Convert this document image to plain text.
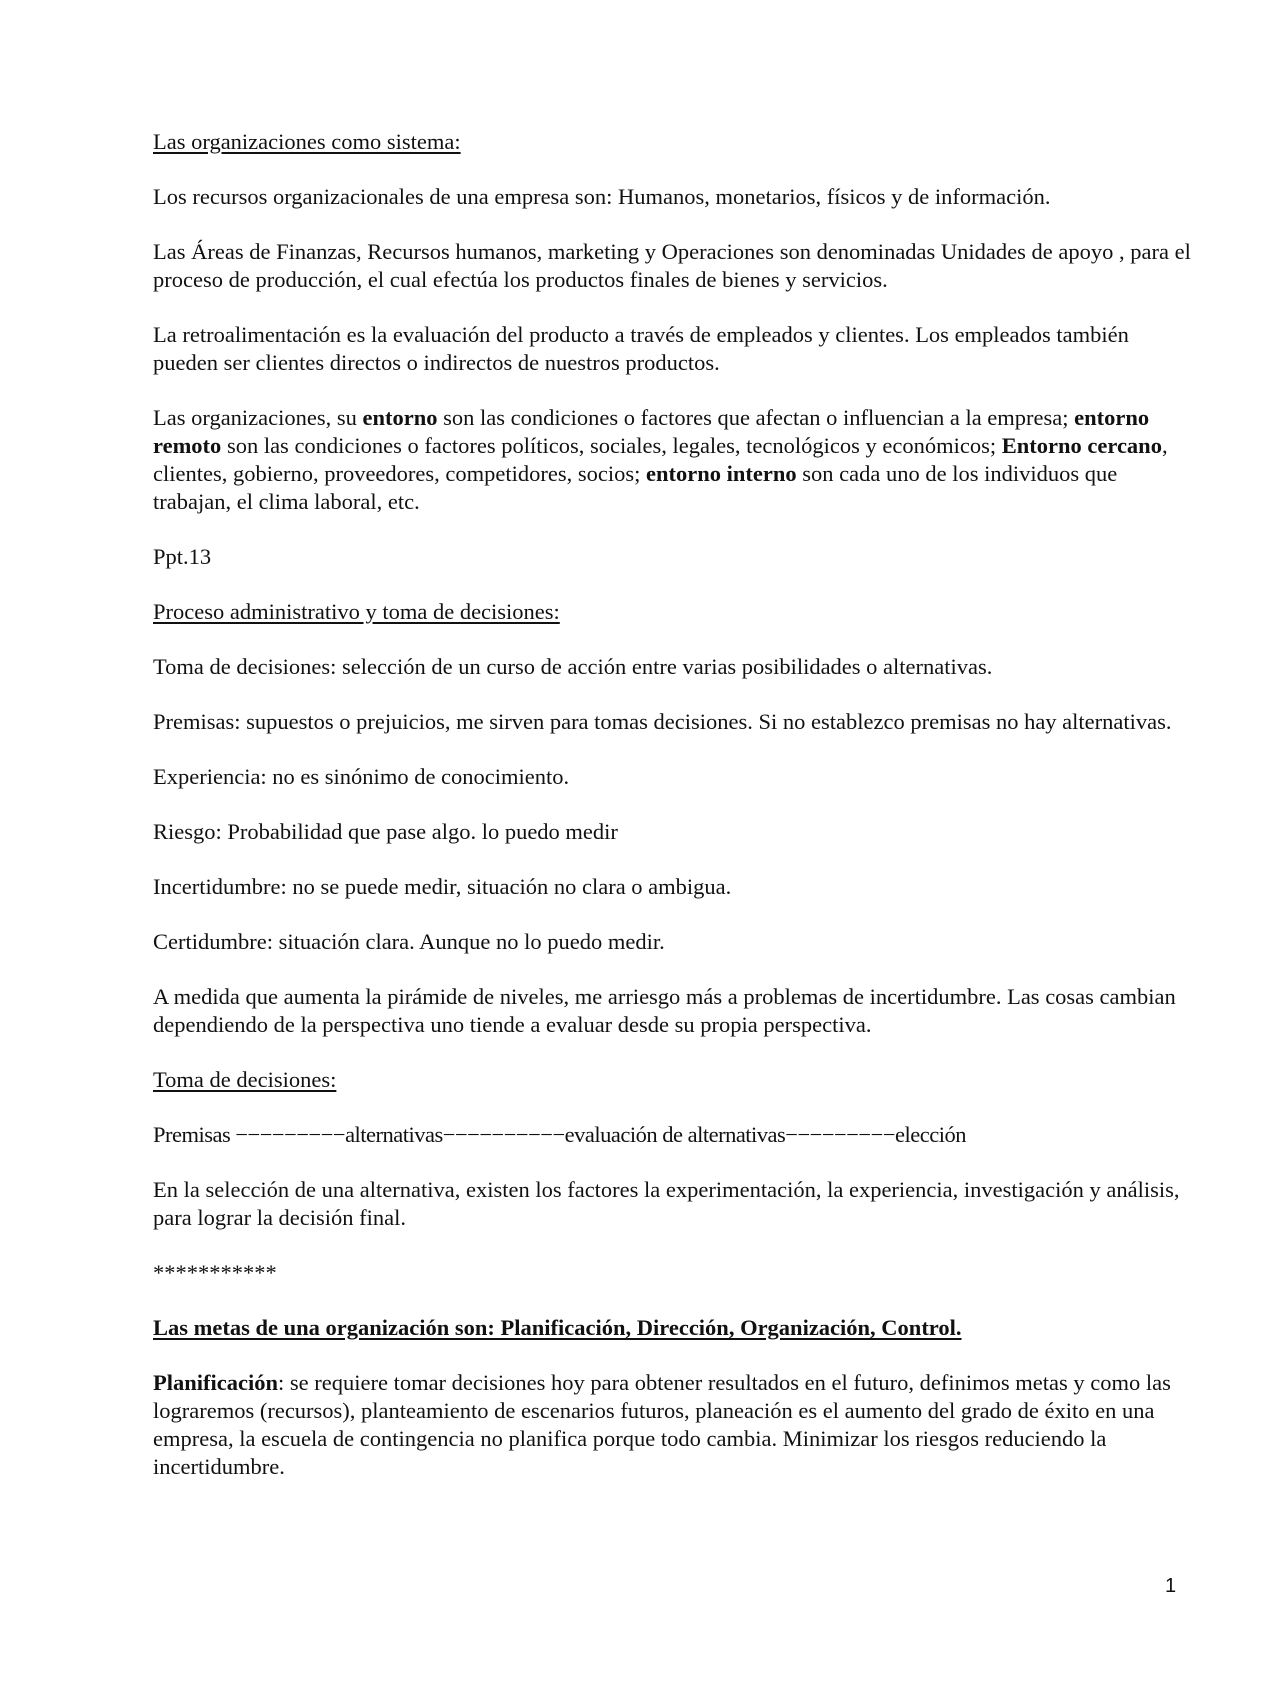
Las organizaciones como sistema:

Los recursos organizacionales de una empresa son: Humanos, monetarios, físicos y de información.

Las Áreas de Finanzas, Recursos humanos, marketing y Operaciones son denominadas Unidades de apoyo , para el proceso de producción, el cual efectúa los productos finales de bienes y servicios.

La retroalimentación es la evaluación del producto a través de empleados y clientes. Los empleados también pueden ser clientes directos o indirectos de nuestros productos.

Las organizaciones, su entorno son las condiciones o factores que afectan o influencian a la empresa; entorno remoto son las condiciones o factores políticos, sociales, legales, tecnológicos y económicos; Entorno cercano, clientes, gobierno, proveedores, competidores, socios; entorno interno son cada uno de los individuos que trabajan, el clima laboral, etc.

Ppt.13

Proceso administrativo y toma de decisiones:

Toma de decisiones: selección de un curso de acción entre varias posibilidades o alternativas.

Premisas: supuestos o prejuicios, me sirven para tomas decisiones. Si no establezco premisas no hay alternativas.

Experiencia: no es sinónimo de conocimiento.

Riesgo: Probabilidad que pase algo. lo puedo medir

Incertidumbre: no se puede medir, situación no clara o ambigua.

Certidumbre: situación clara. Aunque no lo puedo medir.

A medida que aumenta la pirámide de niveles, me arriesgo más a problemas de incertidumbre. Las cosas cambian dependiendo de la perspectiva uno tiende a evaluar desde su propia perspectiva.

Toma de decisiones:

Premisas −−−−−−−−−alternativas−−−−−−−−−−evaluación de alternativas−−−−−−−−−elección

En la selección de una alternativa, existen los factores la experimentación, la experiencia, investigación y análisis, para lograr la decisión final.

***********

Las metas de una organización son: Planificación, Dirección, Organización, Control.

Planificación: se requiere tomar decisiones hoy para obtener resultados en el futuro, definimos metas y como las lograremos (recursos), planteamiento de escenarios futuros, planeación es el aumento del grado de éxito en una empresa, la escuela de contingencia no planifica porque todo cambia. Minimizar los riesgos reduciendo la incertidumbre.

1
